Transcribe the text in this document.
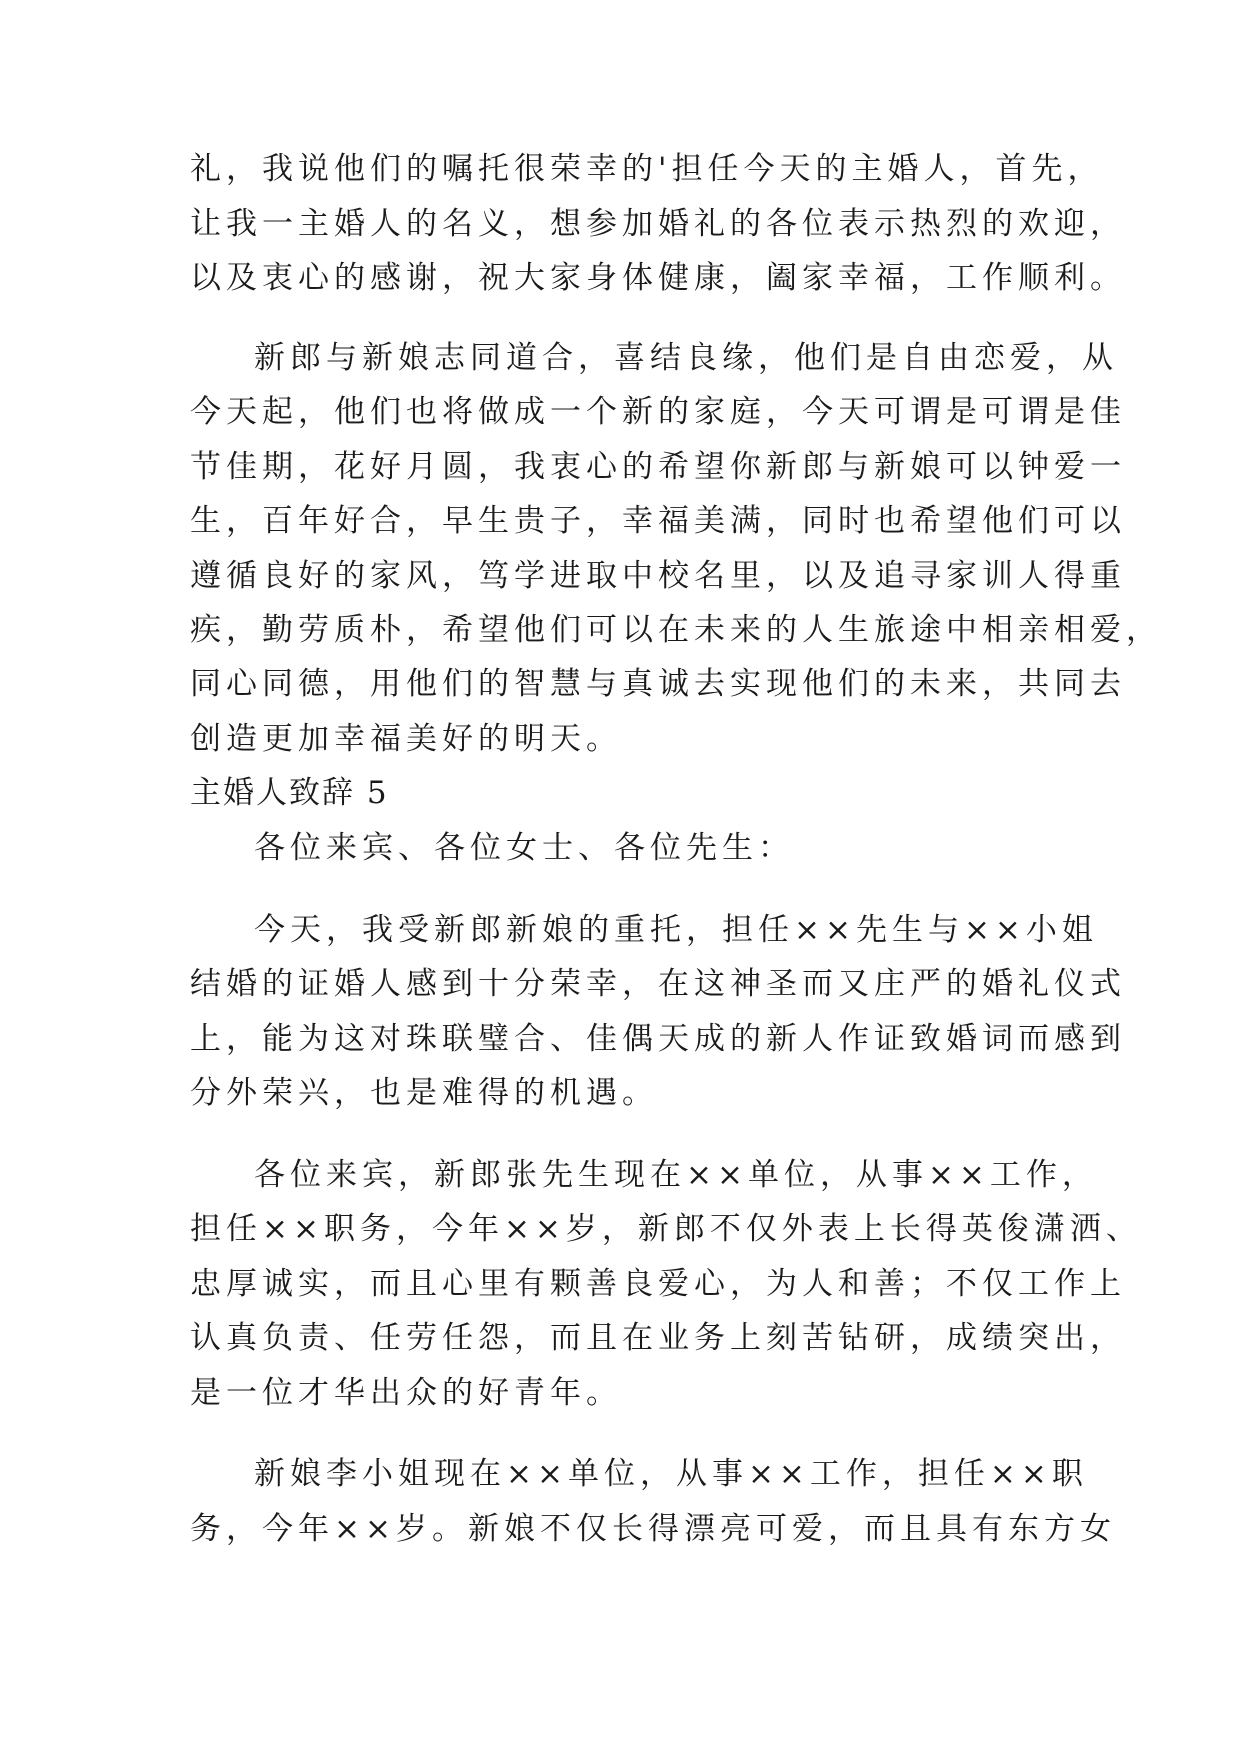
礼，我说他们的嘱托很荣幸的'担任今天的主婚人，首先，
让我一主婚人的名义，想参加婚礼的各位表示热烈的欢迎，
以及衷心的感谢，祝大家身体健康，阖家幸福，工作顺利。
新郎与新娘志同道合，喜结良缘，他们是自由恋爱，从
今天起，他们也将做成一个新的家庭，今天可谓是可谓是佳
节佳期，花好月圆，我衷心的希望你新郎与新娘可以钟爱一
生，百年好合，早生贵子，幸福美满，同时也希望他们可以
遵循良好的家风，笃学进取中校名里，以及追寻家训人得重
疾，勤劳质朴，希望他们可以在未来的人生旅途中相亲相爱，
同心同德，用他们的智慧与真诚去实现他们的未来，共同去
创造更加幸福美好的明天。
主婚人致辞 5
各位来宾、各位女士、各位先生：
今天，我受新郎新娘的重托，担任××先生与××小姐
结婚的证婚人感到十分荣幸，在这神圣而又庄严的婚礼仪式
上，能为这对珠联璧合、佳偶天成的新人作证致婚词而感到
分外荣兴，也是难得的机遇。
各位来宾，新郎张先生现在××单位，从事××工作，
担任××职务，今年××岁，新郎不仅外表上长得英俊潇洒、
忠厚诚实，而且心里有颗善良爱心，为人和善；不仅工作上
认真负责、任劳任怨，而且在业务上刻苦钻研，成绩突出，
是一位才华出众的好青年。
新娘李小姐现在××单位，从事××工作，担任××职
务，今年××岁。新娘不仅长得漂亮可爱，而且具有东方女
